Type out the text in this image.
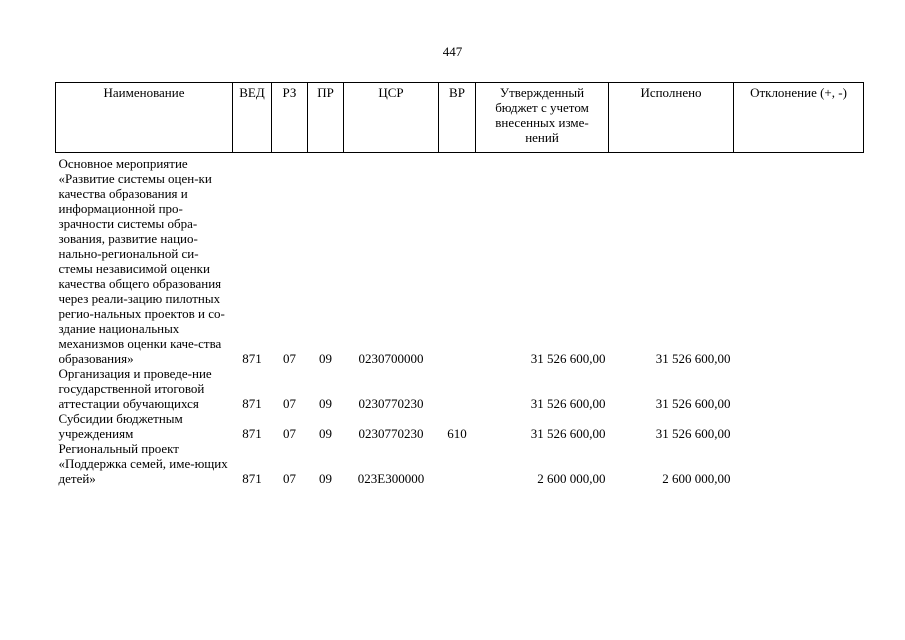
447
Наименование	ВЕД	РЗ	ПР	ЦСР	ВР	Утвержденный бюджет с учетом внесенных изме-нений	Исполнено	Отклонение (+, -)
Основное мероприятие «Развитие системы оцен-ки качества образования и информационной про-зрачности системы обра-зования, развитие нацио-нально-региональной си-стемы независимой оценки качества общего образования через реали-зацию пилотных регио-нальных проектов и со-здание национальных механизмов оценки каче-ства образования»	871	07	09	0230700000		31 526 600,00	31 526 600,00	
Организация и проведе-ние государственной итоговой аттестации обучающихся	871	07	09	0230770230		31 526 600,00	31 526 600,00	
Субсидии бюджетным учреждениям	871	07	09	0230770230	610	31 526 600,00	31 526 600,00	
Региональный проект «Поддержка семей, име-ющих детей»	871	07	09	023E300000		2 600 000,00	2 600 000,00	
